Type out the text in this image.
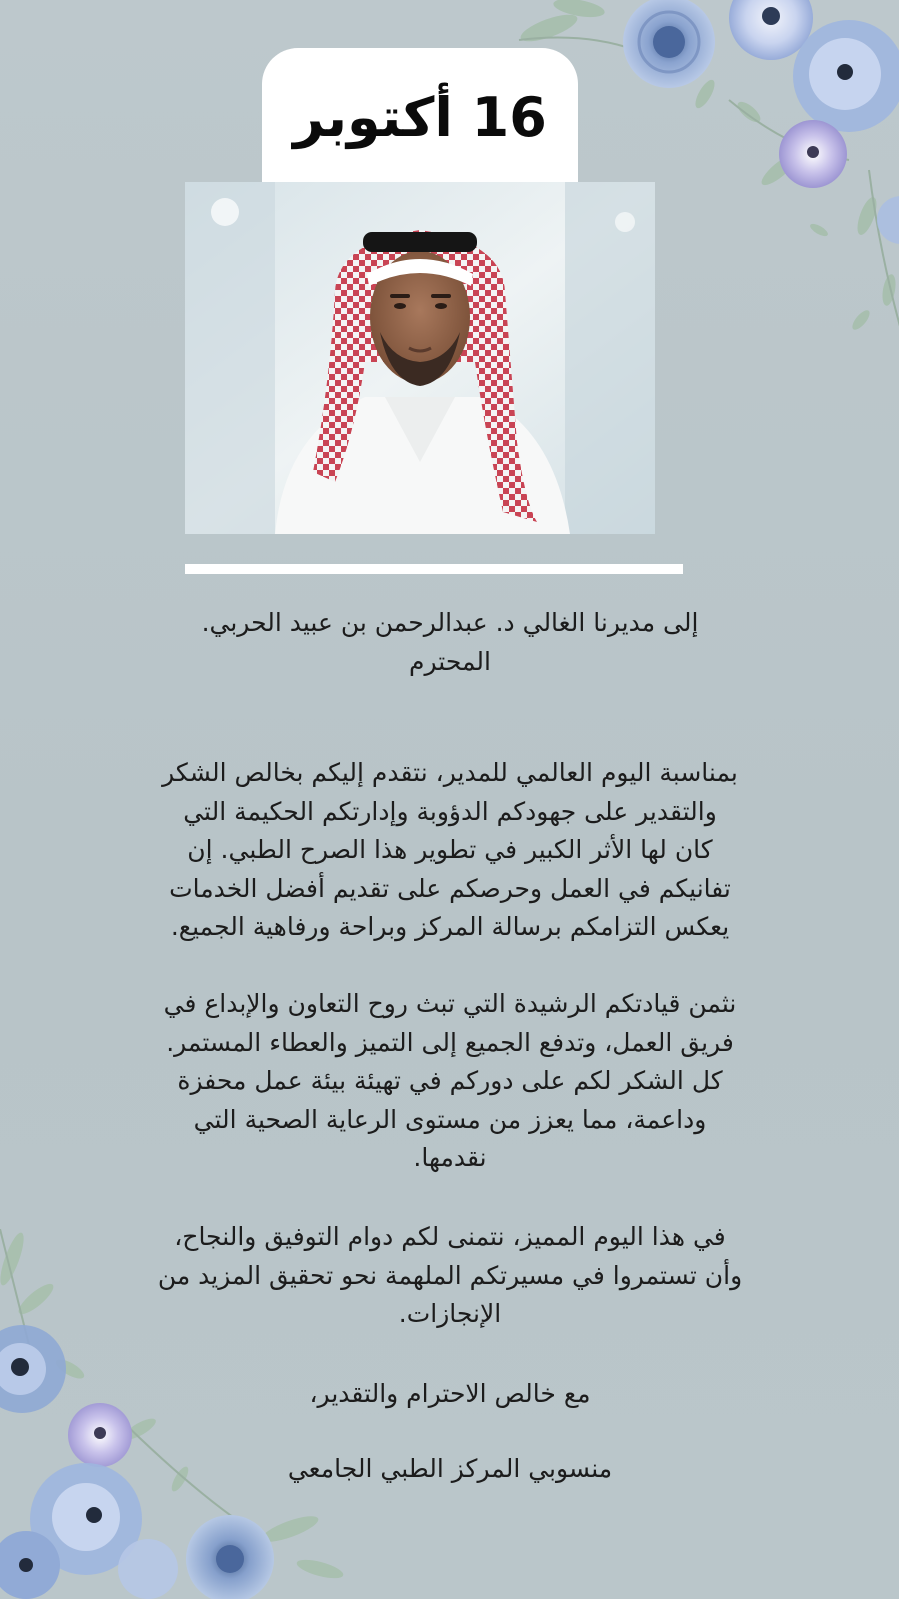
16 أكتوبر

إلى مديرنا الغالي د. عبدالرحمن بن عبيد الحربي.
المحترم

بمناسبة اليوم العالمي للمدير، نتقدم إليكم بخالص الشكر
والتقدير على جهودكم الدؤوبة وإدارتكم الحكيمة التي
كان لها الأثر الكبير في تطوير هذا الصرح الطبي. إن
تفانيكم في العمل وحرصكم على تقديم أفضل الخدمات
يعكس التزامكم برسالة المركز وبراحة ورفاهية الجميع.

نثمن قيادتكم الرشيدة التي تبث روح التعاون والإبداع في
فريق العمل، وتدفع الجميع إلى التميز والعطاء المستمر.
كل الشكر لكم على دوركم في تهيئة بيئة عمل محفزة
وداعمة، مما يعزز من مستوى الرعاية الصحية التي
نقدمها.

في هذا اليوم المميز، نتمنى لكم دوام التوفيق والنجاح،
وأن تستمروا في مسيرتكم الملهمة نحو تحقيق المزيد من
الإنجازات.

مع خالص الاحترام والتقدير،

منسوبي المركز الطبي الجامعي
